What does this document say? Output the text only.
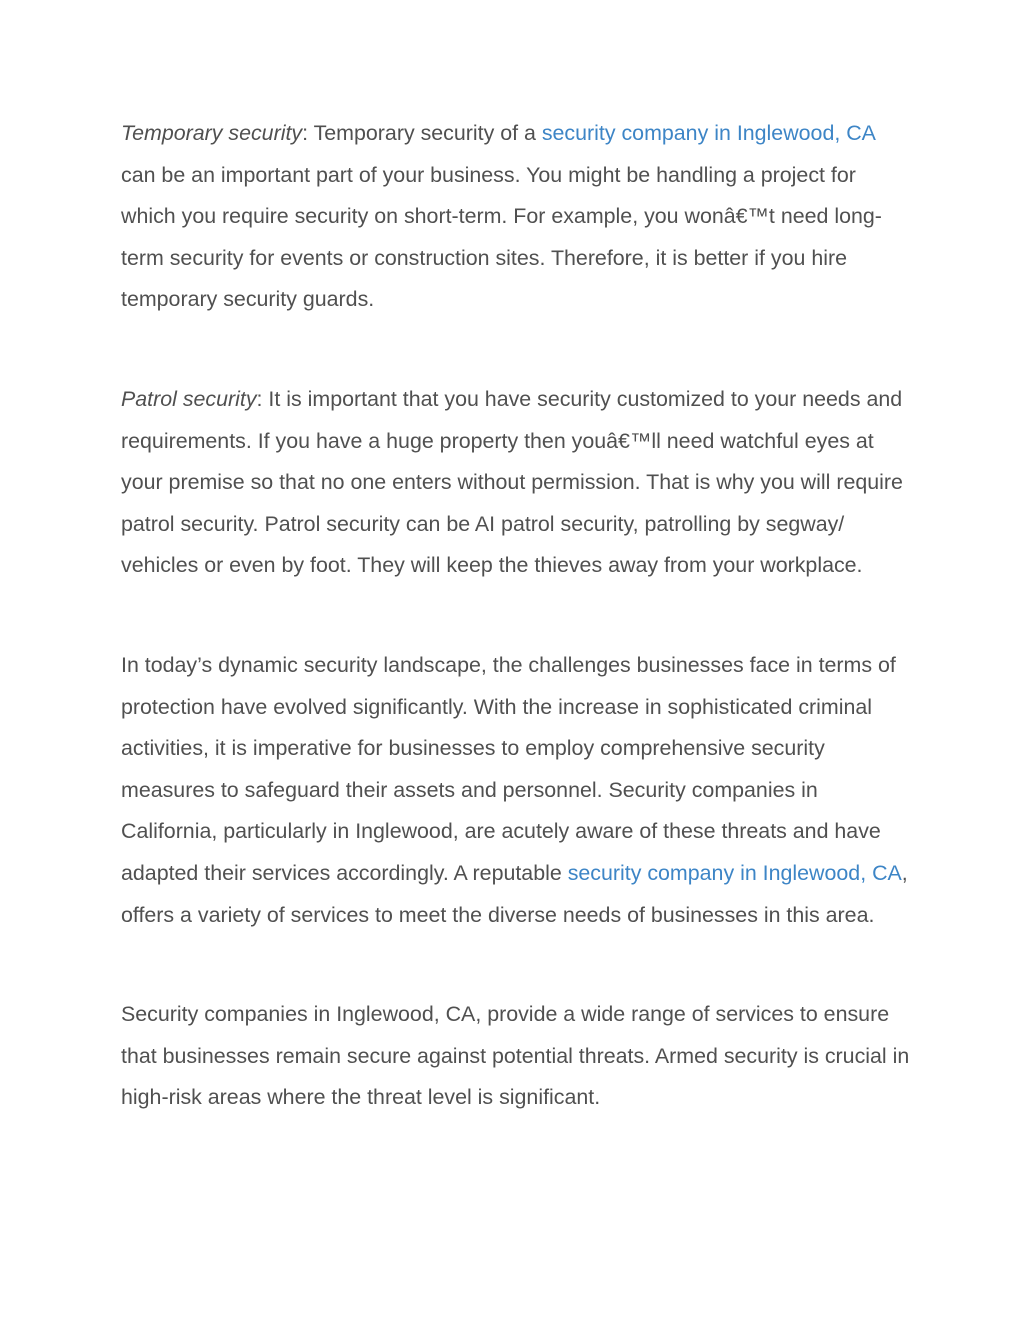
Temporary security: Temporary security of a security company in Inglewood, CA can be an important part of your business. You might be handling a project for which you require security on short-term. For example, you wonâ€™t need long-term security for events or construction sites. Therefore, it is better if you hire temporary security guards.

Patrol security: It is important that you have security customized to your needs and requirements. If you have a huge property then youâ€™ll need watchful eyes at your premise so that no one enters without permission. That is why you will require patrol security. Patrol security can be AI patrol security, patrolling by segway/ vehicles or even by foot. They will keep the thieves away from your workplace.

In today’s dynamic security landscape, the challenges businesses face in terms of protection have evolved significantly. With the increase in sophisticated criminal activities, it is imperative for businesses to employ comprehensive security measures to safeguard their assets and personnel. Security companies in California, particularly in Inglewood, are acutely aware of these threats and have adapted their services accordingly. A reputable security company in Inglewood, CA, offers a variety of services to meet the diverse needs of businesses in this area.

Security companies in Inglewood, CA, provide a wide range of services to ensure that businesses remain secure against potential threats. Armed security is crucial in high-risk areas where the threat level is significant.
